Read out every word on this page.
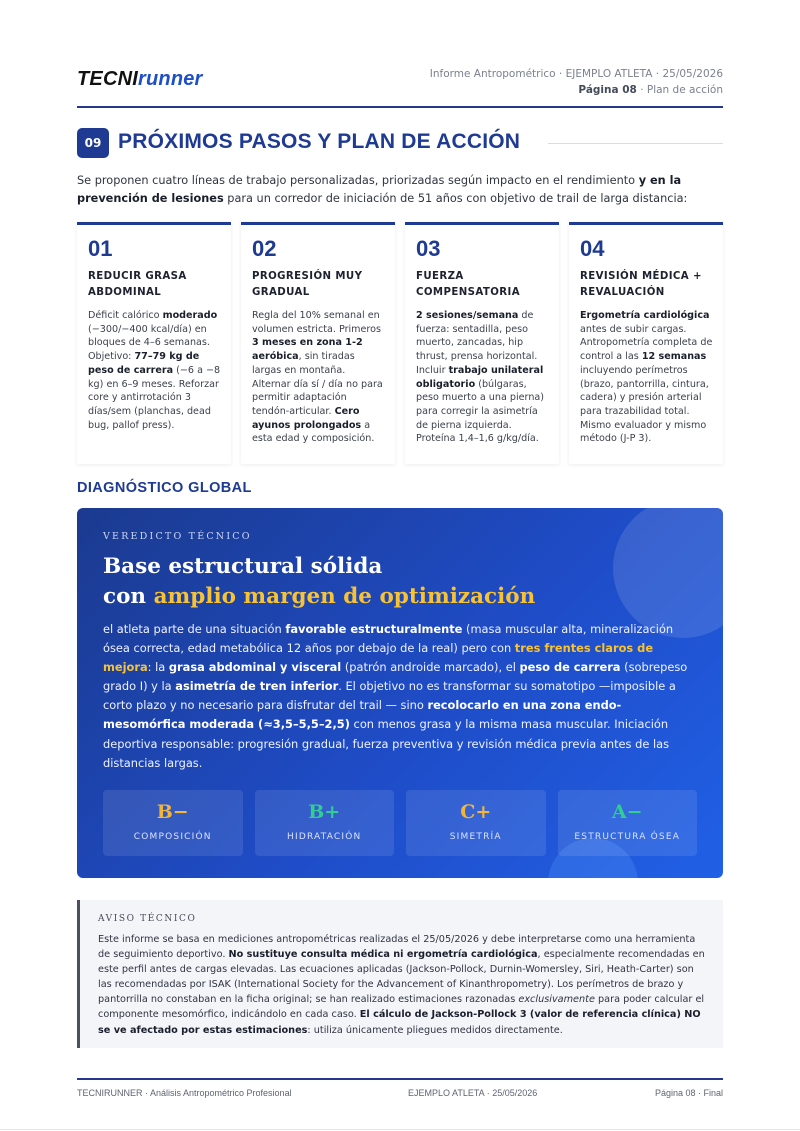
TECNIrunner	Informe Antropométrico · EJEMPLO ATLETA · 25/05/2026
Página 08 · Plan de acción
09 PRÓXIMOS PASOS Y PLAN DE ACCIÓN

Se proponen cuatro líneas de trabajo personalizadas, priorizadas según impacto en el rendimiento y en la prevención de lesiones para un corredor de iniciación de 51 años con objetivo de trail de larga distancia:

01
REDUCIR GRASA ABDOMINAL

Déficit calórico moderado (−300/−400 kcal/día) en bloques de 4–6 semanas. Objetivo: 77–79 kg de peso de carrera (−6 a −8 kg) en 6–9 meses. Reforzar core y antirrotación 3 días/sem (planchas, dead bug, pallof press).

02
PROGRESIÓN MUY GRADUAL

Regla del 10% semanal en volumen estricta. Primeros 3 meses en zona 1-2 aeróbica, sin tiradas largas en montaña. Alternar día sí / día no para permitir adaptación tendón-articular. Cero ayunos prolongados a esta edad y composición.

03
FUERZA COMPENSATORIA

2 sesiones/semana de fuerza: sentadilla, peso muerto, zancadas, hip thrust, prensa horizontal. Incluir trabajo unilateral obligatorio (búlgaras, peso muerto a una pierna) para corregir la asimetría de pierna izquierda. Proteína 1,4–1,6 g/kg/día.

04
REVISIÓN MÉDICA + REVALUACIÓN

Ergometría cardiológica antes de subir cargas. Antropometría completa de control a las 12 semanas incluyendo perímetros (brazo, pantorrilla, cintura, cadera) y presión arterial para trazabilidad total. Mismo evaluador y mismo método (J-P 3).

DIAGNÓSTICO GLOBAL
VEREDICTO TÉCNICO
Base estructural sólida
con amplio margen de optimización

el atleta parte de una situación favorable estructuralmente (masa muscular alta, mineralización ósea correcta, edad metabólica 12 años por debajo de la real) pero con tres frentes claros de mejora: la grasa abdominal y visceral (patrón androide marcado), el peso de carrera (sobrepeso grado I) y la asimetría de tren inferior. El objetivo no es transformar su somatotipo —imposible a corto plazo y no necesario para disfrutar del trail — sino recolocarlo en una zona endo-mesomórfica moderada (≈3,5–5,5–2,5) con menos grasa y la misma masa muscular. Iniciación deportiva responsable: progresión gradual, fuerza preventiva y revisión médica previa antes de las distancias largas.

B−
COMPOSICIÓN
B+
HIDRATACIÓN
C+
SIMETRÍA
A−
ESTRUCTURA ÓSEA
AVISO TÉCNICO

Este informe se basa en mediciones antropométricas realizadas el 25/05/2026 y debe interpretarse como una herramienta de seguimiento deportivo. No sustituye consulta médica ni ergometría cardiológica, especialmente recomendadas en este perfil antes de cargas elevadas. Las ecuaciones aplicadas (Jackson-Pollock, Durnin-Womersley, Siri, Heath-Carter) son las recomendadas por ISAK (International Society for the Advancement of Kinanthropometry). Los perímetros de brazo y pantorrilla no constaban en la ficha original; se han realizado estimaciones razonadas exclusivamente para poder calcular el componente mesomórfico, indicándolo en cada caso. El cálculo de Jackson-Pollock 3 (valor de referencia clínica) NO se ve afectado por estas estimaciones: utiliza únicamente pliegues medidos directamente.

TECNIRUNNER · Análisis Antropométrico Profesional	EJEMPLO ATLETA · 25/05/2026	Página 08 · Final
